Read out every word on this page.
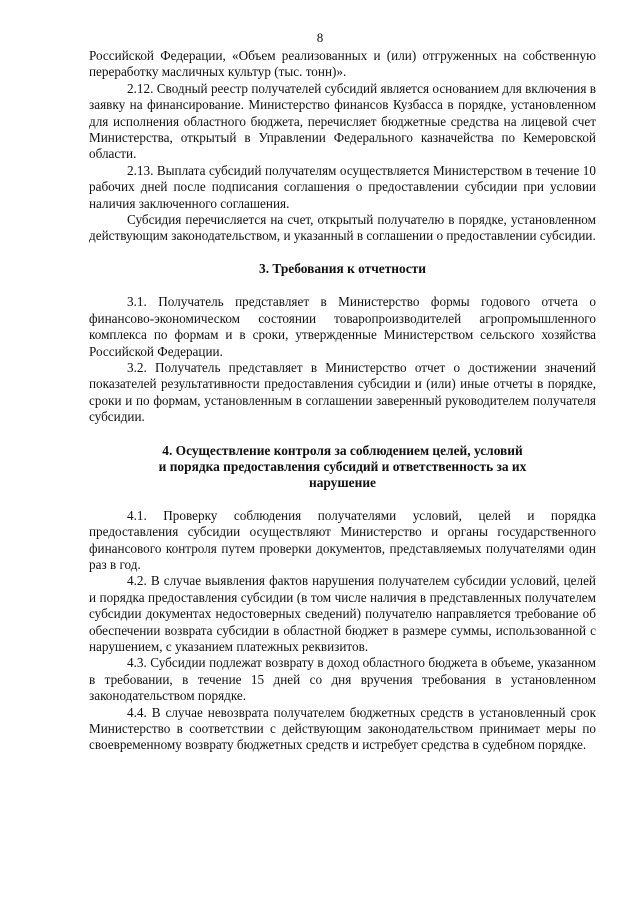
8

Российской Федерации, «Объем реализованных и (или) отгруженных на собственную переработку масличных культур (тыс. тонн)».

2.12. Сводный реестр получателей субсидий является основанием для включения в заявку на финансирование. Министерство финансов Кузбасса в порядке, установленном для исполнения областного бюджета, перечисляет бюджетные средства на лицевой счет Министерства, открытый в Управлении Федерального казначейства по Кемеровской области.

2.13. Выплата субсидий получателям осуществляется Министерством в течение 10 рабочих дней после подписания соглашения о предоставлении субсидии при условии наличия заключенного соглашения.

Субсидия перечисляется на счет, открытый получателю в порядке, установленном действующим законодательством, и указанный в соглашении о предоставлении субсидии.

3. Требования к отчетности

3.1. Получатель представляет в Министерство формы годового отчета о финансово-экономическом состоянии товаропроизводителей агропромышленного комплекса по формам и в сроки, утвержденные Министерством сельского хозяйства Российской Федерации.

3.2. Получатель представляет в Министерство отчет о достижении значений показателей результативности предоставления субсидии и (или) иные отчеты в порядке, сроки и по формам, установленным в соглашении заверенный руководителем получателя субсидии.

4. Осуществление контроля за соблюдением целей, условий

и порядка предоставления субсидий и ответственность за их

нарушение

4.1. Проверку соблюдения получателями условий, целей и порядка предоставления субсидии осуществляют Министерство и органы государственного финансового контроля путем проверки документов, представляемых получателями один раз в год.

4.2. В случае выявления фактов нарушения получателем субсидии условий, целей и порядка предоставления субсидии (в том числе наличия в представленных получателем субсидии документах недостоверных сведений) получателю направляется требование об обеспечении возврата субсидии в областной бюджет в размере суммы, использованной с нарушением, с указанием платежных реквизитов.

4.3. Субсидии подлежат возврату в доход областного бюджета в объеме, указанном в требовании, в течение 15 дней со дня вручения требования в установленном законодательством порядке.

4.4. В случае невозврата получателем бюджетных средств в установленный срок Министерство в соответствии с действующим законодательством принимает меры по своевременному возврату бюджетных средств и истребует средства в судебном порядке.
